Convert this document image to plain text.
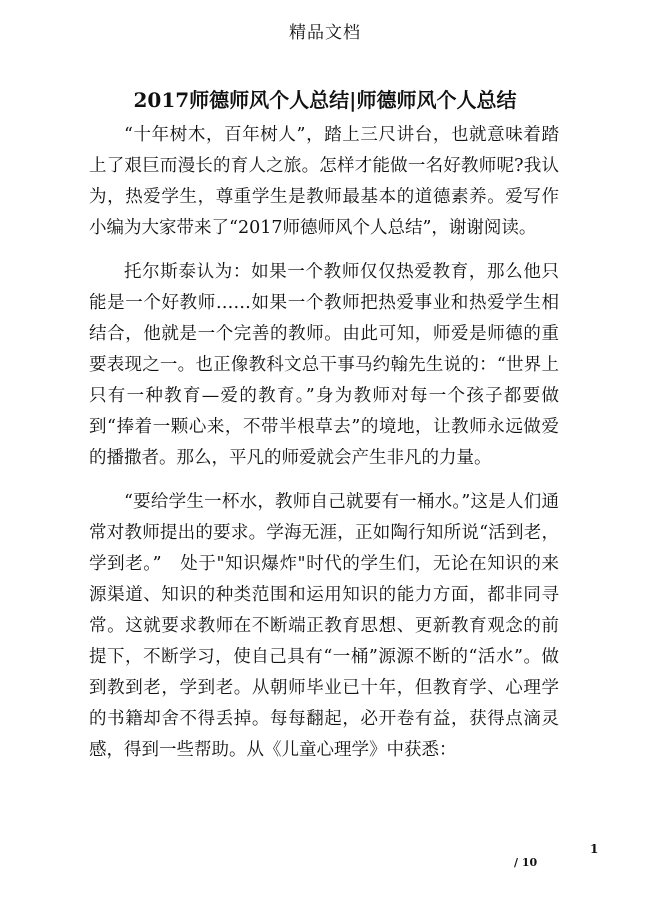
精品文档
2017师德师风个人总结|师德师风个人总结

“十年树木，百年树人”，踏上三尺讲台，也就意味着踏上了艰巨而漫长的育人之旅。怎样才能做一名好教师呢?我认为，热爱学生，尊重学生是教师最基本的道德素养。爱写作小编为大家带来了“2017师德师风个人总结”，谢谢阅读。

托尔斯泰认为：如果一个教师仅仅热爱教育，那么他只能是一个好教师……如果一个教师把热爱事业和热爱学生相结合，他就是一个完善的教师。由此可知，师爱是师德的重要表现之一。也正像教科文总干事马约翰先生说的：“世界上只有一种教育—爱的教育。”身为教师对每一个孩子都要做到“捧着一颗心来，不带半根草去”的境地，让教师永远做爱的播撒者。那么，平凡的师爱就会产生非凡的力量。

“要给学生一杯水，教师自己就要有一桶水。”这是人们通常对教师提出的要求。学海无涯，正如陶行知所说“活到老，学到老。”　处于"知识爆炸"时代的学生们，无论在知识的来源渠道、知识的种类范围和运用知识的能力方面，都非同寻常。这就要求教师在不断端正教育思想、更新教育观念的前提下，不断学习，使自己具有“一桶”源源不断的“活水”。做到教到老，学到老。从朝师毕业已十年，但教育学、心理学的书籍却舍不得丢掉。每每翻起，必开卷有益，获得点滴灵感，得到一些帮助。从《儿童心理学》中获悉：

1
/ 10
